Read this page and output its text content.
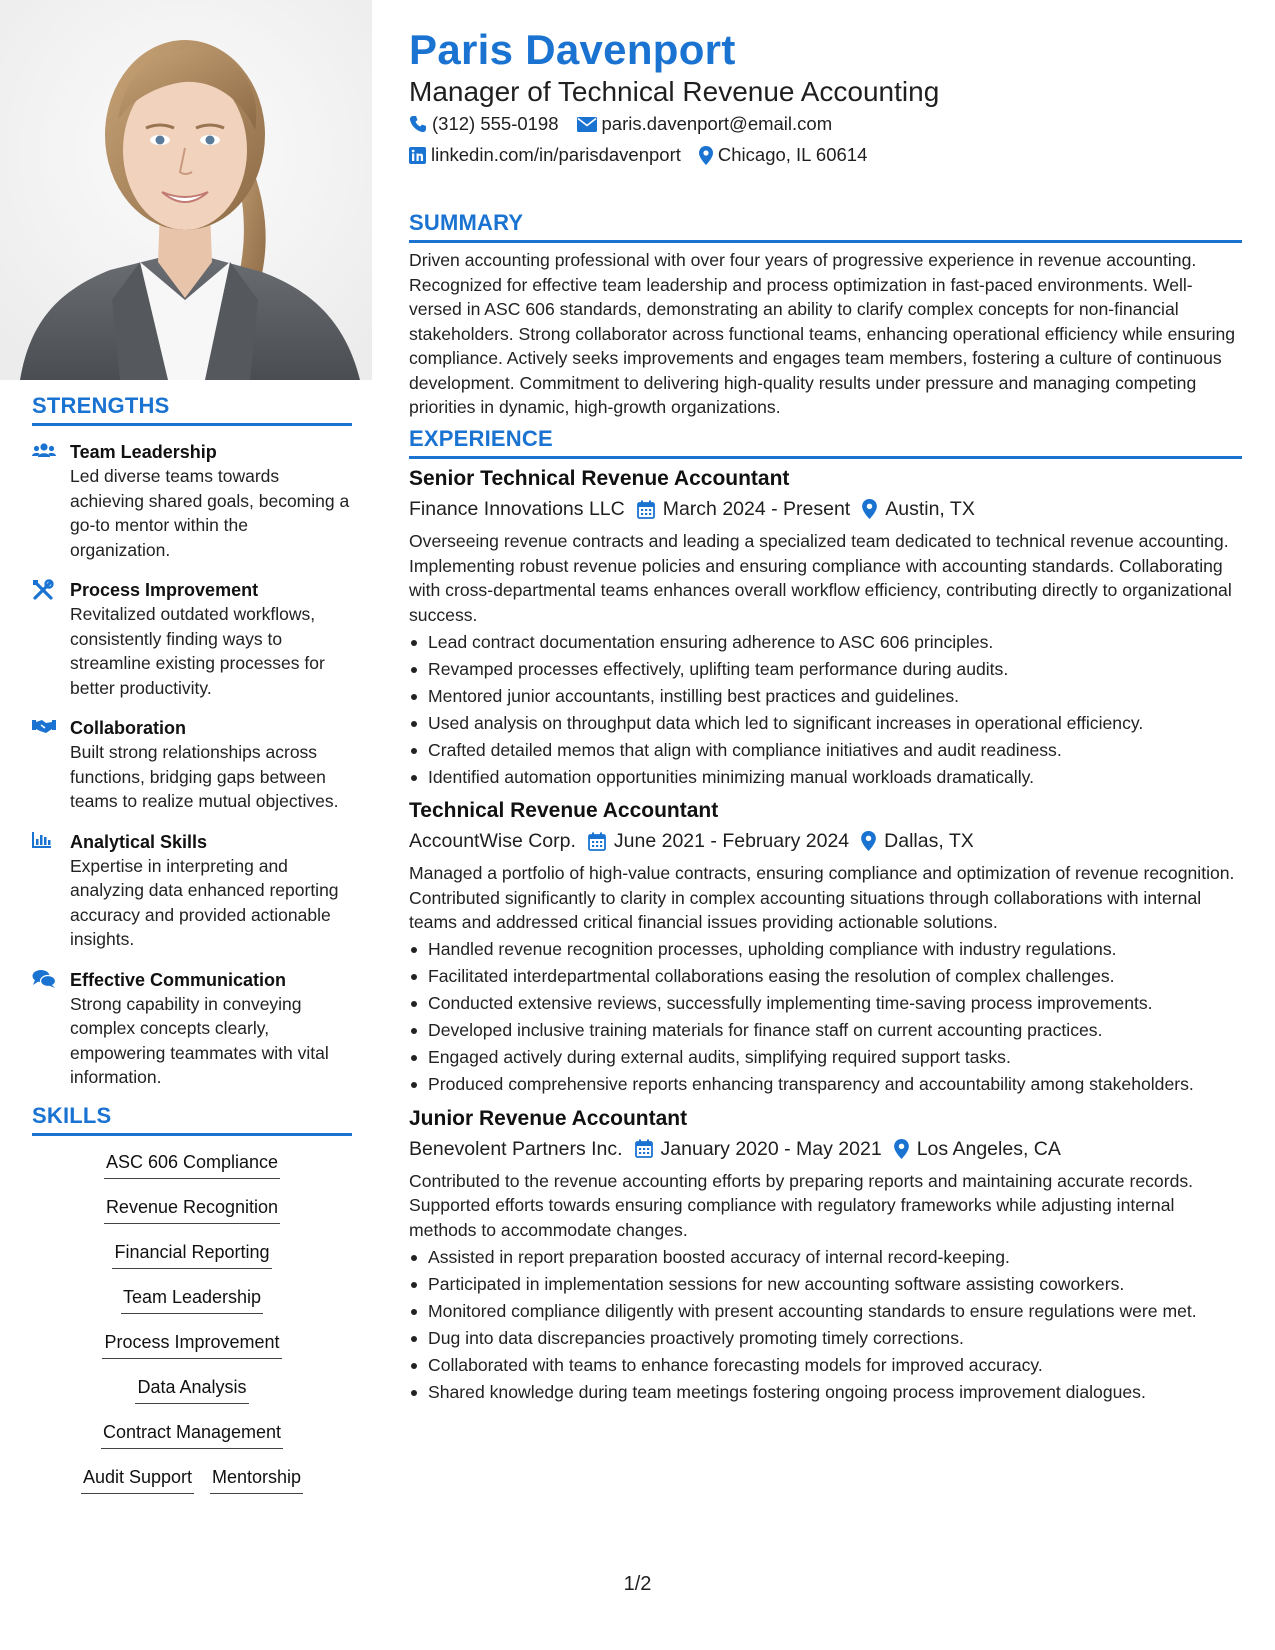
STRENGTHS
Team Leadership
Led diverse teams towards achieving shared goals, becoming a go-to mentor within the organization.
Process Improvement
Revitalized outdated workflows, consistently finding ways to streamline existing processes for better productivity.
Collaboration
Built strong relationships across functions, bridging gaps between teams to realize mutual objectives.
Analytical Skills
Expertise in interpreting and analyzing data enhanced reporting accuracy and provided actionable insights.
Effective Communication
Strong capability in conveying complex concepts clearly, empowering teammates with vital information.
SKILLS
ASC 606 Compliance
Revenue Recognition
Financial Reporting
Team Leadership
Process Improvement
Data Analysis
Contract Management
Audit Support Mentorship
Paris Davenport
Manager of Technical Revenue Accounting
(312) 555-0198 paris.davenport@email.com
linkedin.com/in/parisdavenport Chicago, IL 60614
SUMMARY
Driven accounting professional with over four years of progressive experience in revenue accounting. Recognized for effective team leadership and process optimization in fast-paced environments. Well-versed in ASC 606 standards, demonstrating an ability to clarify complex concepts for non-financial stakeholders. Strong collaborator across functional teams, enhancing operational efficiency while ensuring compliance. Actively seeks improvements and engages team members, fostering a culture of continuous development. Commitment to delivering high-quality results under pressure and managing competing priorities in dynamic, high-growth organizations.
EXPERIENCE
Senior Technical Revenue Accountant
Finance Innovations LLC March 2024 - Present Austin, TX
Overseeing revenue contracts and leading a specialized team dedicated to technical revenue accounting. Implementing robust revenue policies and ensuring compliance with accounting standards. Collaborating with cross-departmental teams enhances overall workflow efficiency, contributing directly to organizational success.
Lead contract documentation ensuring adherence to ASC 606 principles.
Revamped processes effectively, uplifting team performance during audits.
Mentored junior accountants, instilling best practices and guidelines.
Used analysis on throughput data which led to significant increases in operational efficiency.
Crafted detailed memos that align with compliance initiatives and audit readiness.
Identified automation opportunities minimizing manual workloads dramatically.
Technical Revenue Accountant
AccountWise Corp. June 2021 - February 2024 Dallas, TX
Managed a portfolio of high-value contracts, ensuring compliance and optimization of revenue recognition. Contributed significantly to clarity in complex accounting situations through collaborations with internal teams and addressed critical financial issues providing actionable solutions.
Handled revenue recognition processes, upholding compliance with industry regulations.
Facilitated interdepartmental collaborations easing the resolution of complex challenges.
Conducted extensive reviews, successfully implementing time-saving process improvements.
Developed inclusive training materials for finance staff on current accounting practices.
Engaged actively during external audits, simplifying required support tasks.
Produced comprehensive reports enhancing transparency and accountability among stakeholders.
Junior Revenue Accountant
Benevolent Partners Inc. January 2020 - May 2021 Los Angeles, CA
Contributed to the revenue accounting efforts by preparing reports and maintaining accurate records. Supported efforts towards ensuring compliance with regulatory frameworks while adjusting internal methods to accommodate changes.
Assisted in report preparation boosted accuracy of internal record-keeping.
Participated in implementation sessions for new accounting software assisting coworkers.
Monitored compliance diligently with present accounting standards to ensure regulations were met.
Dug into data discrepancies proactively promoting timely corrections.
Collaborated with teams to enhance forecasting models for improved accuracy.
Shared knowledge during team meetings fostering ongoing process improvement dialogues.
1/2
